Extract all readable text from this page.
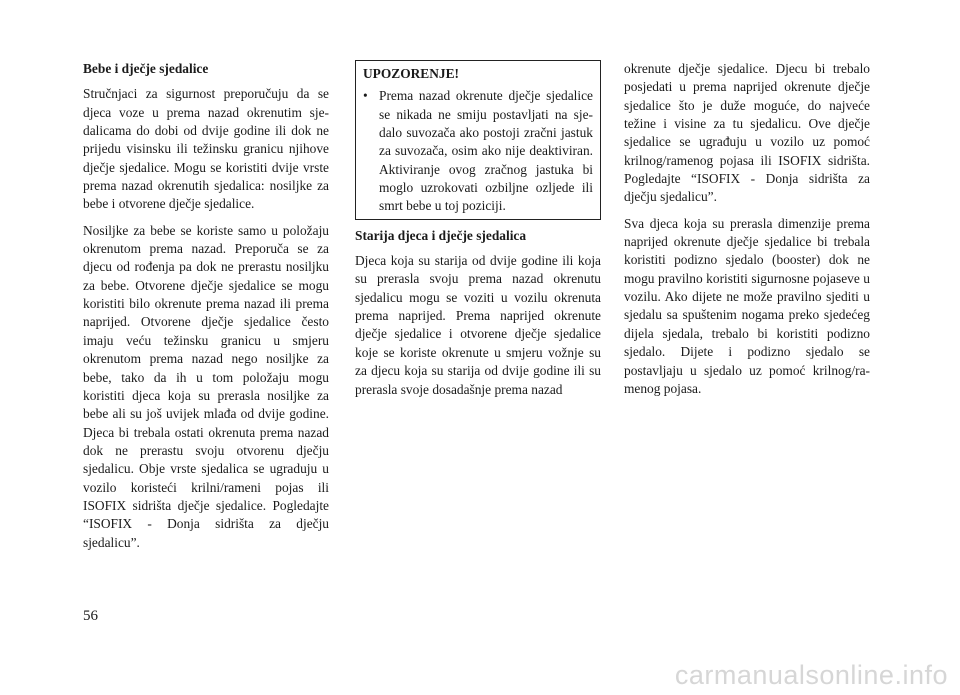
Bebe i dječje sjedalice

Stručnjaci za sigurnost preporučuju da se djeca voze u prema nazad okrenutim sjedalicama do dobi od dvije godine ili dok ne prijedu visinsku ili težinsku granicu njihove dječje sjedalice. Mogu se koristiti dvije vrste prema nazad okrenutih sjedalica: nosiljke za bebe i otvorene dječje sjedalice.

Nosiljke za bebe se koriste samo u položaju okrenutom prema nazad. Preporuča se za djecu od rođenja pa dok ne prerastu nosiljku za bebe. Otvorene dječje sjedalice se mogu koristiti bilo okrenute prema nazad ili prema naprijed. Otvorene dječje sjedalice često imaju veću težinsku granicu u smjeru okrenutom prema nazad nego nosiljke za bebe, tako da ih u tom položaju mogu koristiti djeca koja su prerasla nosiljke za bebe ali su još uvijek mlađa od dvije godine. Djeca bi trebala ostati okrenuta prema nazad dok ne prerastu svoju otvorenu dječju sjedalicu. Obje vrste sjedalica se ugraduju u vozilo koristeći krilni/rameni pojas ili ISOFIX sidrišta dječje sjedalice. Pogledajte “ISOFIX - Donja sidrišta za dječju sjedalicu”.

UPOZORENJE!
• Prema nazad okrenute dječje sjedalice se nikada ne smiju postavljati na sjedalo suvozača ako postoji zračni jastuk za suvozača, osim ako nije deaktiviran. Aktiviranje ovog zračnog jastuka bi moglo uzrokovati ozbiljne ozljede ili smrt bebe u toj poziciji.
Starija djeca i dječje sjedalica

Djeca koja su starija od dvije godine ili koja su prerasla svoju prema nazad okrenutu sjedalicu mogu se voziti u vozilu okrenuta prema naprijed. Prema naprijed okrenute dječje sjedalice i otvorene dječje sjedalice koje se koriste okrenute u smjeru vožnje su za djecu koja su starija od dvije godine ili su prerasla svoje dosadašnje prema nazad

okrenute dječje sjedalice. Djecu bi trebalo posjedati u prema naprijed okrenute dječje sjedalice što je duže moguće, do najveće težine i visine za tu sjedalicu. Ove dječje sjedalice se ugrađuju u vozilo uz pomoć krilnog/ramenog pojasa ili ISOFIX sidrišta. Pogledajte “ISOFIX - Donja sidrišta za dječju sjedalicu”.

Sva djeca koja su prerasla dimenzije prema naprijed okrenute dječje sjedalice bi trebala koristiti podizno sjedalo (booster) dok ne mogu pravilno koristiti sigurnosne pojaseve u vozilu. Ako dijete ne može pravilno sjediti u sjedalu sa spuštenim nogama preko sjedećeg dijela sjedala, trebalo bi koristiti podizno sjedalo. Dijete i podizno sjedalo se postavljaju u sjedalo uz pomoć krilnog/ramenog pojasa.

56
carmanualsonline.info
